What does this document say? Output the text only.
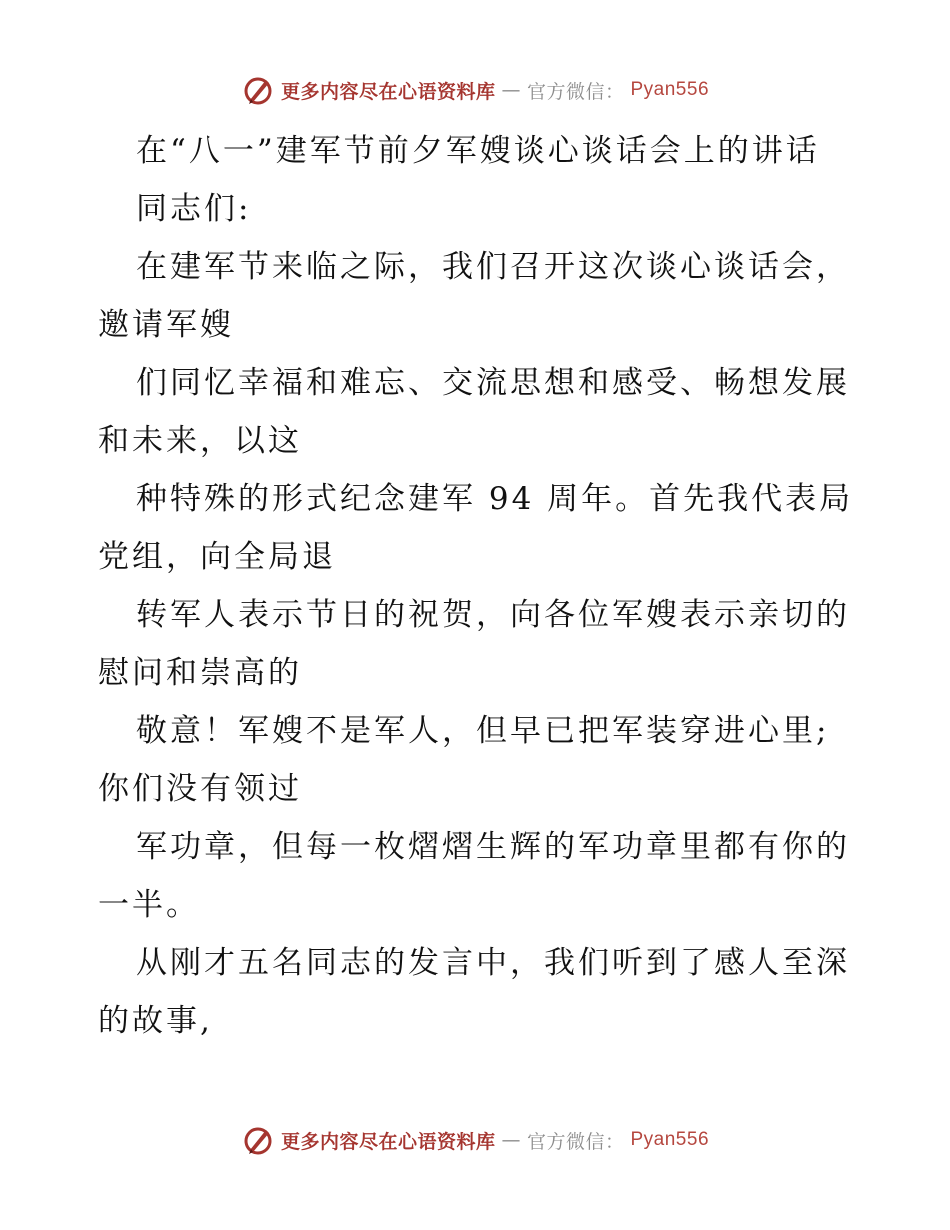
更多内容尽在心语资料库 — 官方微信： Pyan556
在“八一”建军节前夕军嫂谈心谈话会上的讲话
同志们:
在建军节来临之际，我们召开这次谈心谈话会，
邀请军嫂
们同忆幸福和难忘、交流思想和感受、畅想发展
和未来，以这
种特殊的形式纪念建军 94 周年。首先我代表局
党组，向全局退
转军人表示节日的祝贺，向各位军嫂表示亲切的
慰问和崇高的
敬意！军嫂不是军人，但早已把军装穿进心里;
你们没有领过
军功章，但每一枚熠熠生辉的军功章里都有你的
一半。
从刚才五名同志的发言中，我们听到了感人至深
的故事,
更多内容尽在心语资料库 — 官方微信： Pyan556
